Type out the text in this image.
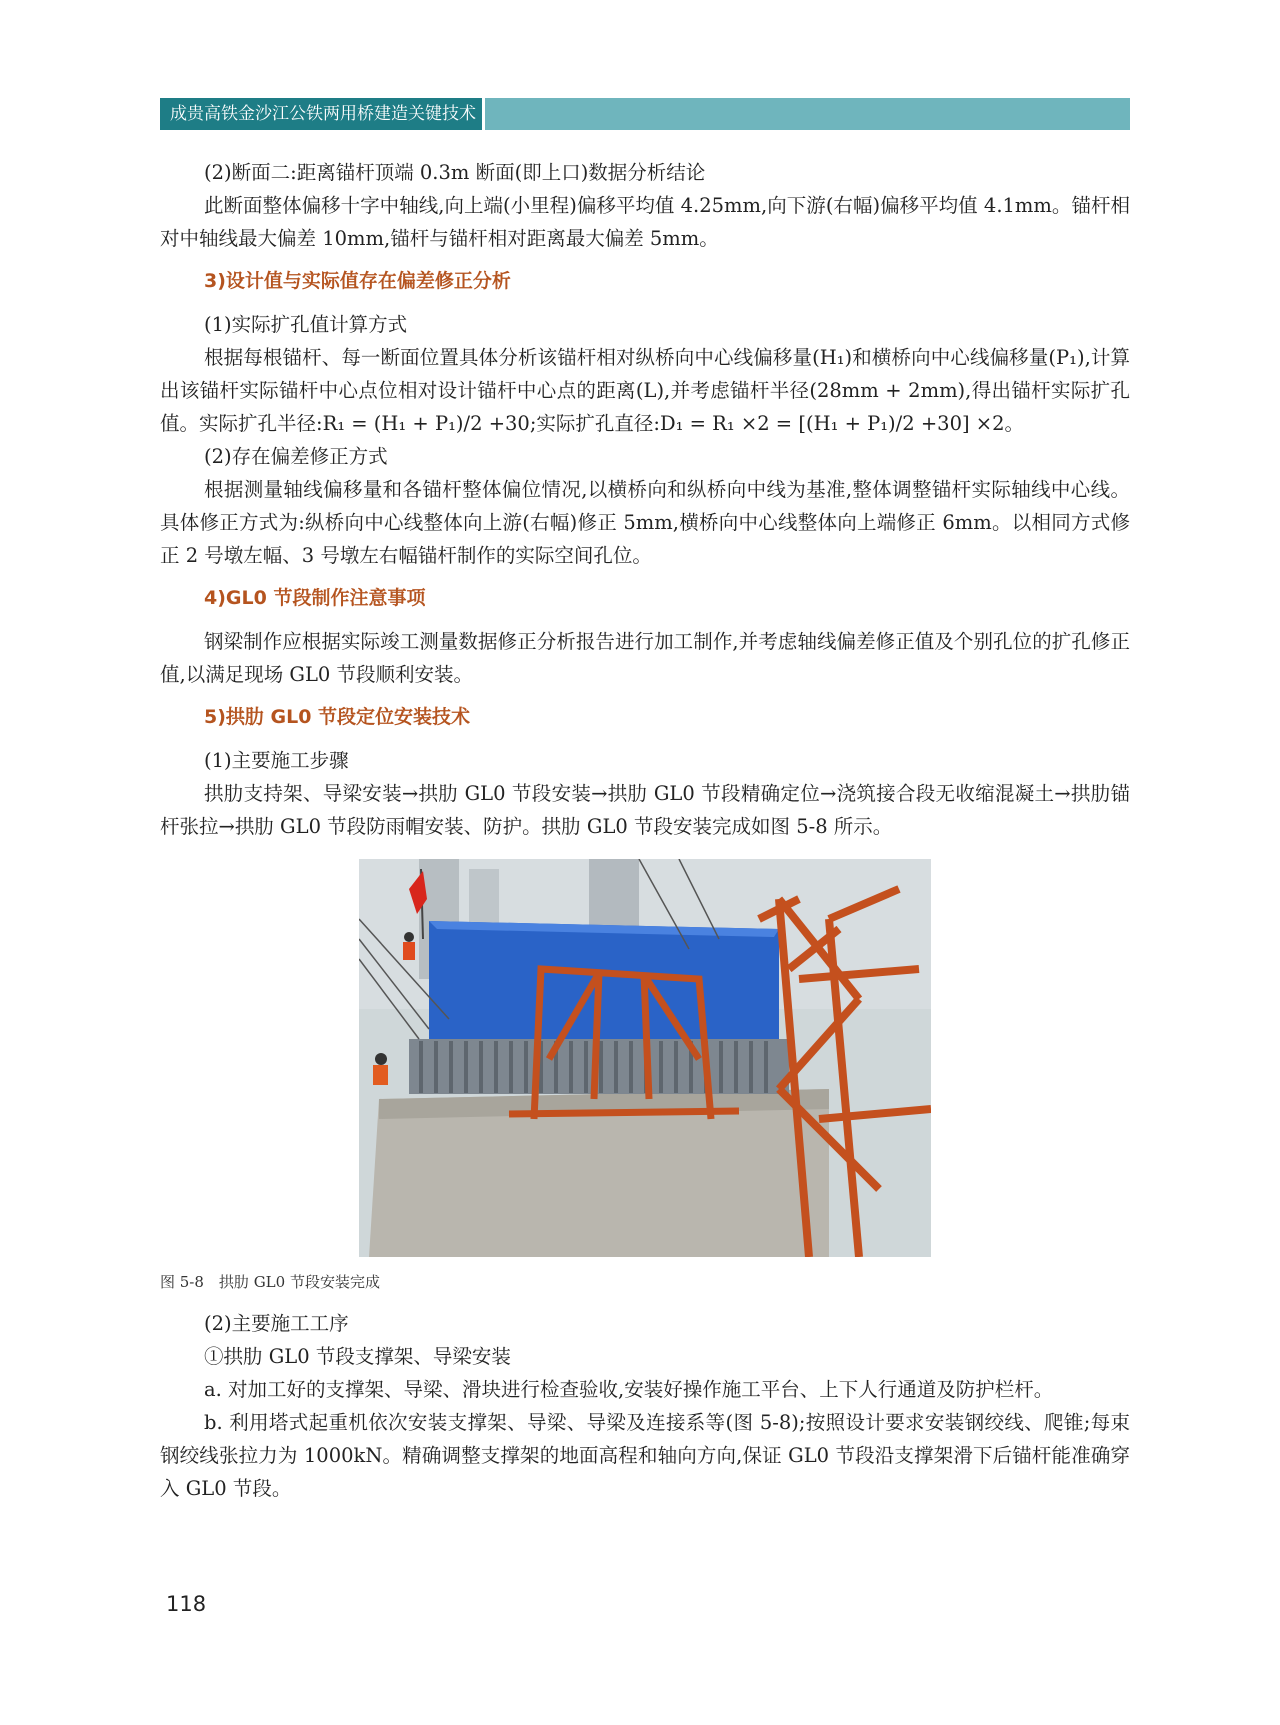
成贵高铁金沙江公铁两用桥建造关键技术

(2)断面二:距离锚杆顶端 0.3m 断面(即上口)数据分析结论

此断面整体偏移十字中轴线,向上端(小里程)偏移平均值 4.25mm,向下游(右幅)偏移平均值 4.1mm。锚杆相对中轴线最大偏差 10mm,锚杆与锚杆相对距离最大偏差 5mm。

3)设计值与实际值存在偏差修正分析

(1)实际扩孔值计算方式

根据每根锚杆、每一断面位置具体分析该锚杆相对纵桥向中心线偏移量(H₁)和横桥向中心线偏移量(P₁),计算出该锚杆实际锚杆中心点位相对设计锚杆中心点的距离(L),并考虑锚杆半径(28mm + 2mm),得出锚杆实际扩孔值。实际扩孔半径:R₁ = (H₁ + P₁)/2 +30;实际扩孔直径:D₁ = R₁ ×2 = [(H₁ + P₁)/2 +30] ×2。

(2)存在偏差修正方式

根据测量轴线偏移量和各锚杆整体偏位情况,以横桥向和纵桥向中线为基准,整体调整锚杆实际轴线中心线。具体修正方式为:纵桥向中心线整体向上游(右幅)修正 5mm,横桥向中心线整体向上端修正 6mm。以相同方式修正 2 号墩左幅、3 号墩左右幅锚杆制作的实际空间孔位。

4)GL0 节段制作注意事项

钢梁制作应根据实际竣工测量数据修正分析报告进行加工制作,并考虑轴线偏差修正值及个别孔位的扩孔修正值,以满足现场 GL0 节段顺利安装。

5)拱肋 GL0 节段定位安装技术

(1)主要施工步骤

拱肋支持架、导梁安装→拱肋 GL0 节段安装→拱肋 GL0 节段精确定位→浇筑接合段无收缩混凝土→拱肋锚杆张拉→拱肋 GL0 节段防雨帽安装、防护。拱肋 GL0 节段安装完成如图 5-8 所示。

图 5-8　拱肋 GL0 节段安装完成

(2)主要施工工序

①拱肋 GL0 节段支撑架、导梁安装

a. 对加工好的支撑架、导梁、滑块进行检查验收,安装好操作施工平台、上下人行通道及防护栏杆。

b. 利用塔式起重机依次安装支撑架、导梁、导梁及连接系等(图 5-8);按照设计要求安装钢绞线、爬锥;每束钢绞线张拉力为 1000kN。精确调整支撑架的地面高程和轴向方向,保证 GL0 节段沿支撑架滑下后锚杆能准确穿入 GL0 节段。

118
